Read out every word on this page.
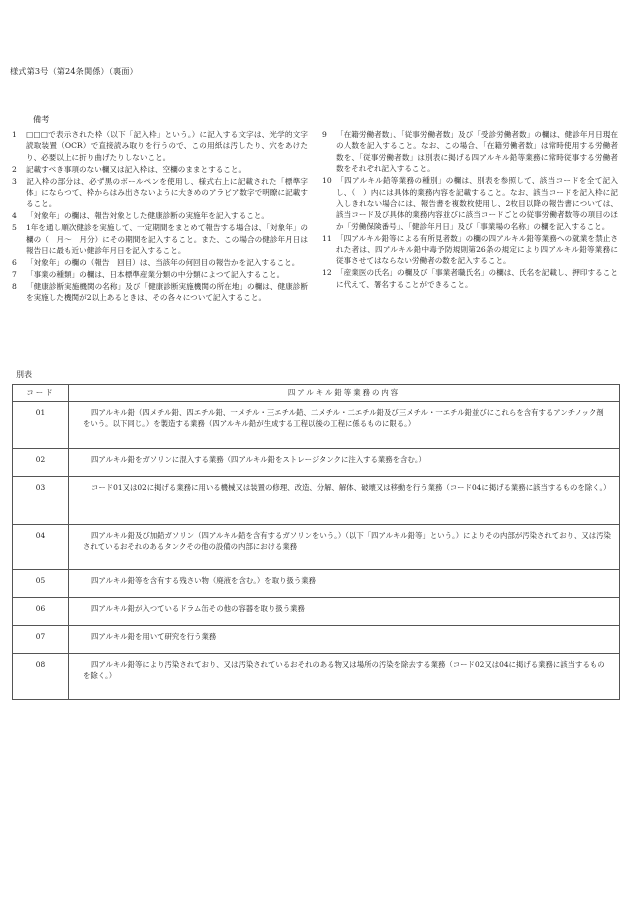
様式第3号（第24条関係）（裏面）
備考

1 □□□で表示された枠（以下「記入枠」という。）に記入する文字は、光学的文字読取装置（OCR）で直接読み取りを行うので、この用紙は汚したり、穴をあけたり、必要以上に折り曲げたりしないこと。

2 記載すべき事項のない欄又は記入枠は、空欄のままとすること。

3 記入枠の部分は、必ず黒のボールペンを使用し、様式右上に記載された「標準字体」にならつて、枠からはみ出さないように大きめのアラビア数字で明瞭に記載すること。

4 「対象年」の欄は、報告対象とした健康診断の実施年を記入すること。

5 1年を通し順次健診を実施して、一定期間をまとめて報告する場合は、「対象年」の欄の（　月～　月分）にその期間を記入すること。また、この場合の健診年月日は報告日に最も近い健診年月日を記入すること。

6 「対象年」の欄の（報告　回目）は、当該年の何回目の報告かを記入すること。

7 「事業の種類」の欄は、日本標準産業分類の中分類によつて記入すること。

8 「健康診断実施機関の名称」及び「健康診断実施機関の所在地」の欄は、健康診断を実施した機関が2以上あるときは、その各々について記入すること。

9 「在籍労働者数」、「従事労働者数」及び「受診労働者数」の欄は、健診年月日現在の人数を記入すること。なお、この場合、「在籍労働者数」は常時使用する労働者数を、「従事労働者数」は別表に掲げる四アルキル鉛等業務に常時従事する労働者数をそれぞれ記入すること。

10 「四アルキル鉛等業務の種別」の欄は、別表を参照して、該当コードを全て記入し、（　）内には具体的業務内容を記載すること。なお、該当コードを記入枠に記入しきれない場合には、報告書を複数枚使用し、2枚目以降の報告書については、該当コード及び具体的業務内容並びに該当コードごとの従事労働者数等の項目のほか「労働保険番号」、「健診年月日」及び「事業場の名称」の欄を記入すること。

11 「四アルキル鉛等による有所見者数」の欄の四アルキル鉛等業務への就業を禁止された者は、四アルキル鉛中毒予防規則第26条の規定により四アルキル鉛等業務に従事させてはならない労働者の数を記入すること。

12 「産業医の氏名」の欄及び「事業者職氏名」の欄は、氏名を記載し、押印することに代えて、署名することができること。

別表
コード	四アルキル鉛等業務の内容
01	四アルキル鉛（四メチル鉛、四エチル鉛、一メチル・三エチル鉛、二メチル・二エチル鉛及び三メチル・一エチル鉛並びにこれらを含有するアンチノック剤をいう。以下同じ。）を製造する業務（四アルキル鉛が生成する工程以後の工程に係るものに限る。）
02	四アルキル鉛をガソリンに混入する業務（四アルキル鉛をストレージタンクに注入する業務を含む。）
03	コード01又は02に掲げる業務に用いる機械又は装置の修理、改造、分解、解体、破壊又は移動を行う業務（コード04に掲げる業務に該当するものを除く。）
04	四アルキル鉛及び加鉛ガソリン（四アルキル鉛を含有するガソリンをいう。）（以下「四アルキル鉛等」という。）によりその内部が汚染されており、又は汚染されているおそれのあるタンクその他の設備の内部における業務
05	四アルキル鉛等を含有する残さい物（廃液を含む。）を取り扱う業務
06	四アルキル鉛が入つているドラム缶その他の容器を取り扱う業務
07	四アルキル鉛を用いて研究を行う業務
08	四アルキル鉛等により汚染されており、又は汚染されているおそれのある物又は場所の汚染を除去する業務（コード02又は04に掲げる業務に該当するものを除く。）
